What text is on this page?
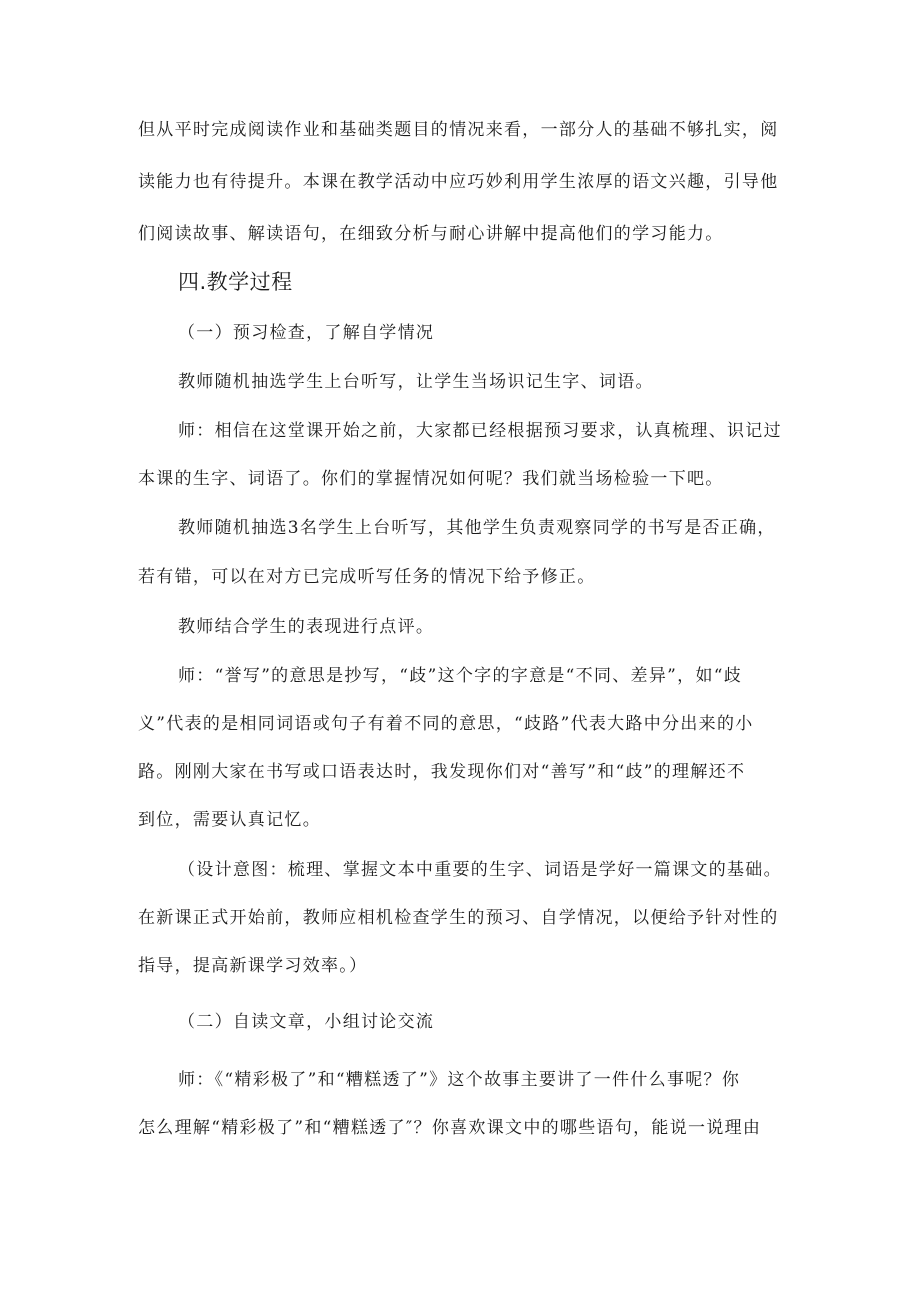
但从平时完成阅读作业和基础类题目的情况来看，一部分人的基础不够扎实，阅
读能力也有待提升。本课在教学活动中应巧妙利用学生浓厚的语文兴趣，引导他
们阅读故事、解读语句，在细致分析与耐心讲解中提高他们的学习能力。
四.教学过程
（一）预习检查，了解自学情况
教师随机抽选学生上台听写，让学生当场识记生字、词语。
师：相信在这堂课开始之前，大家都已经根据预习要求，认真梳理、识记过
本课的生字、词语了。你们的掌握情况如何呢？我们就当场检验一下吧。
教师随机抽选3名学生上台听写，其他学生负责观察同学的书写是否正确，
若有错，可以在对方已完成听写任务的情况下给予修正。
教师结合学生的表现进行点评。
师：“誉写”的意思是抄写，“歧”这个字的字意是“不同、差异”，如“歧
义”代表的是相同词语或句子有着不同的意思，“歧路”代表大路中分出来的小
路。刚刚大家在书写或口语表达时，我发现你们对“善写”和“歧”的理解还不
到位，需要认真记忆。
（设计意图：梳理、掌握文本中重要的生字、词语是学好一篇课文的基础。
在新课正式开始前，教师应相机检查学生的预习、自学情况，以便给予针对性的
指导，提高新课学习效率。）
（二）自读文章，小组讨论交流
师：《“精彩极了”和“糟糕透了”》这个故事主要讲了一件什么事呢？你
怎么理解“精彩极了”和“糟糕透了″？你喜欢课文中的哪些语句，能说一说理由
